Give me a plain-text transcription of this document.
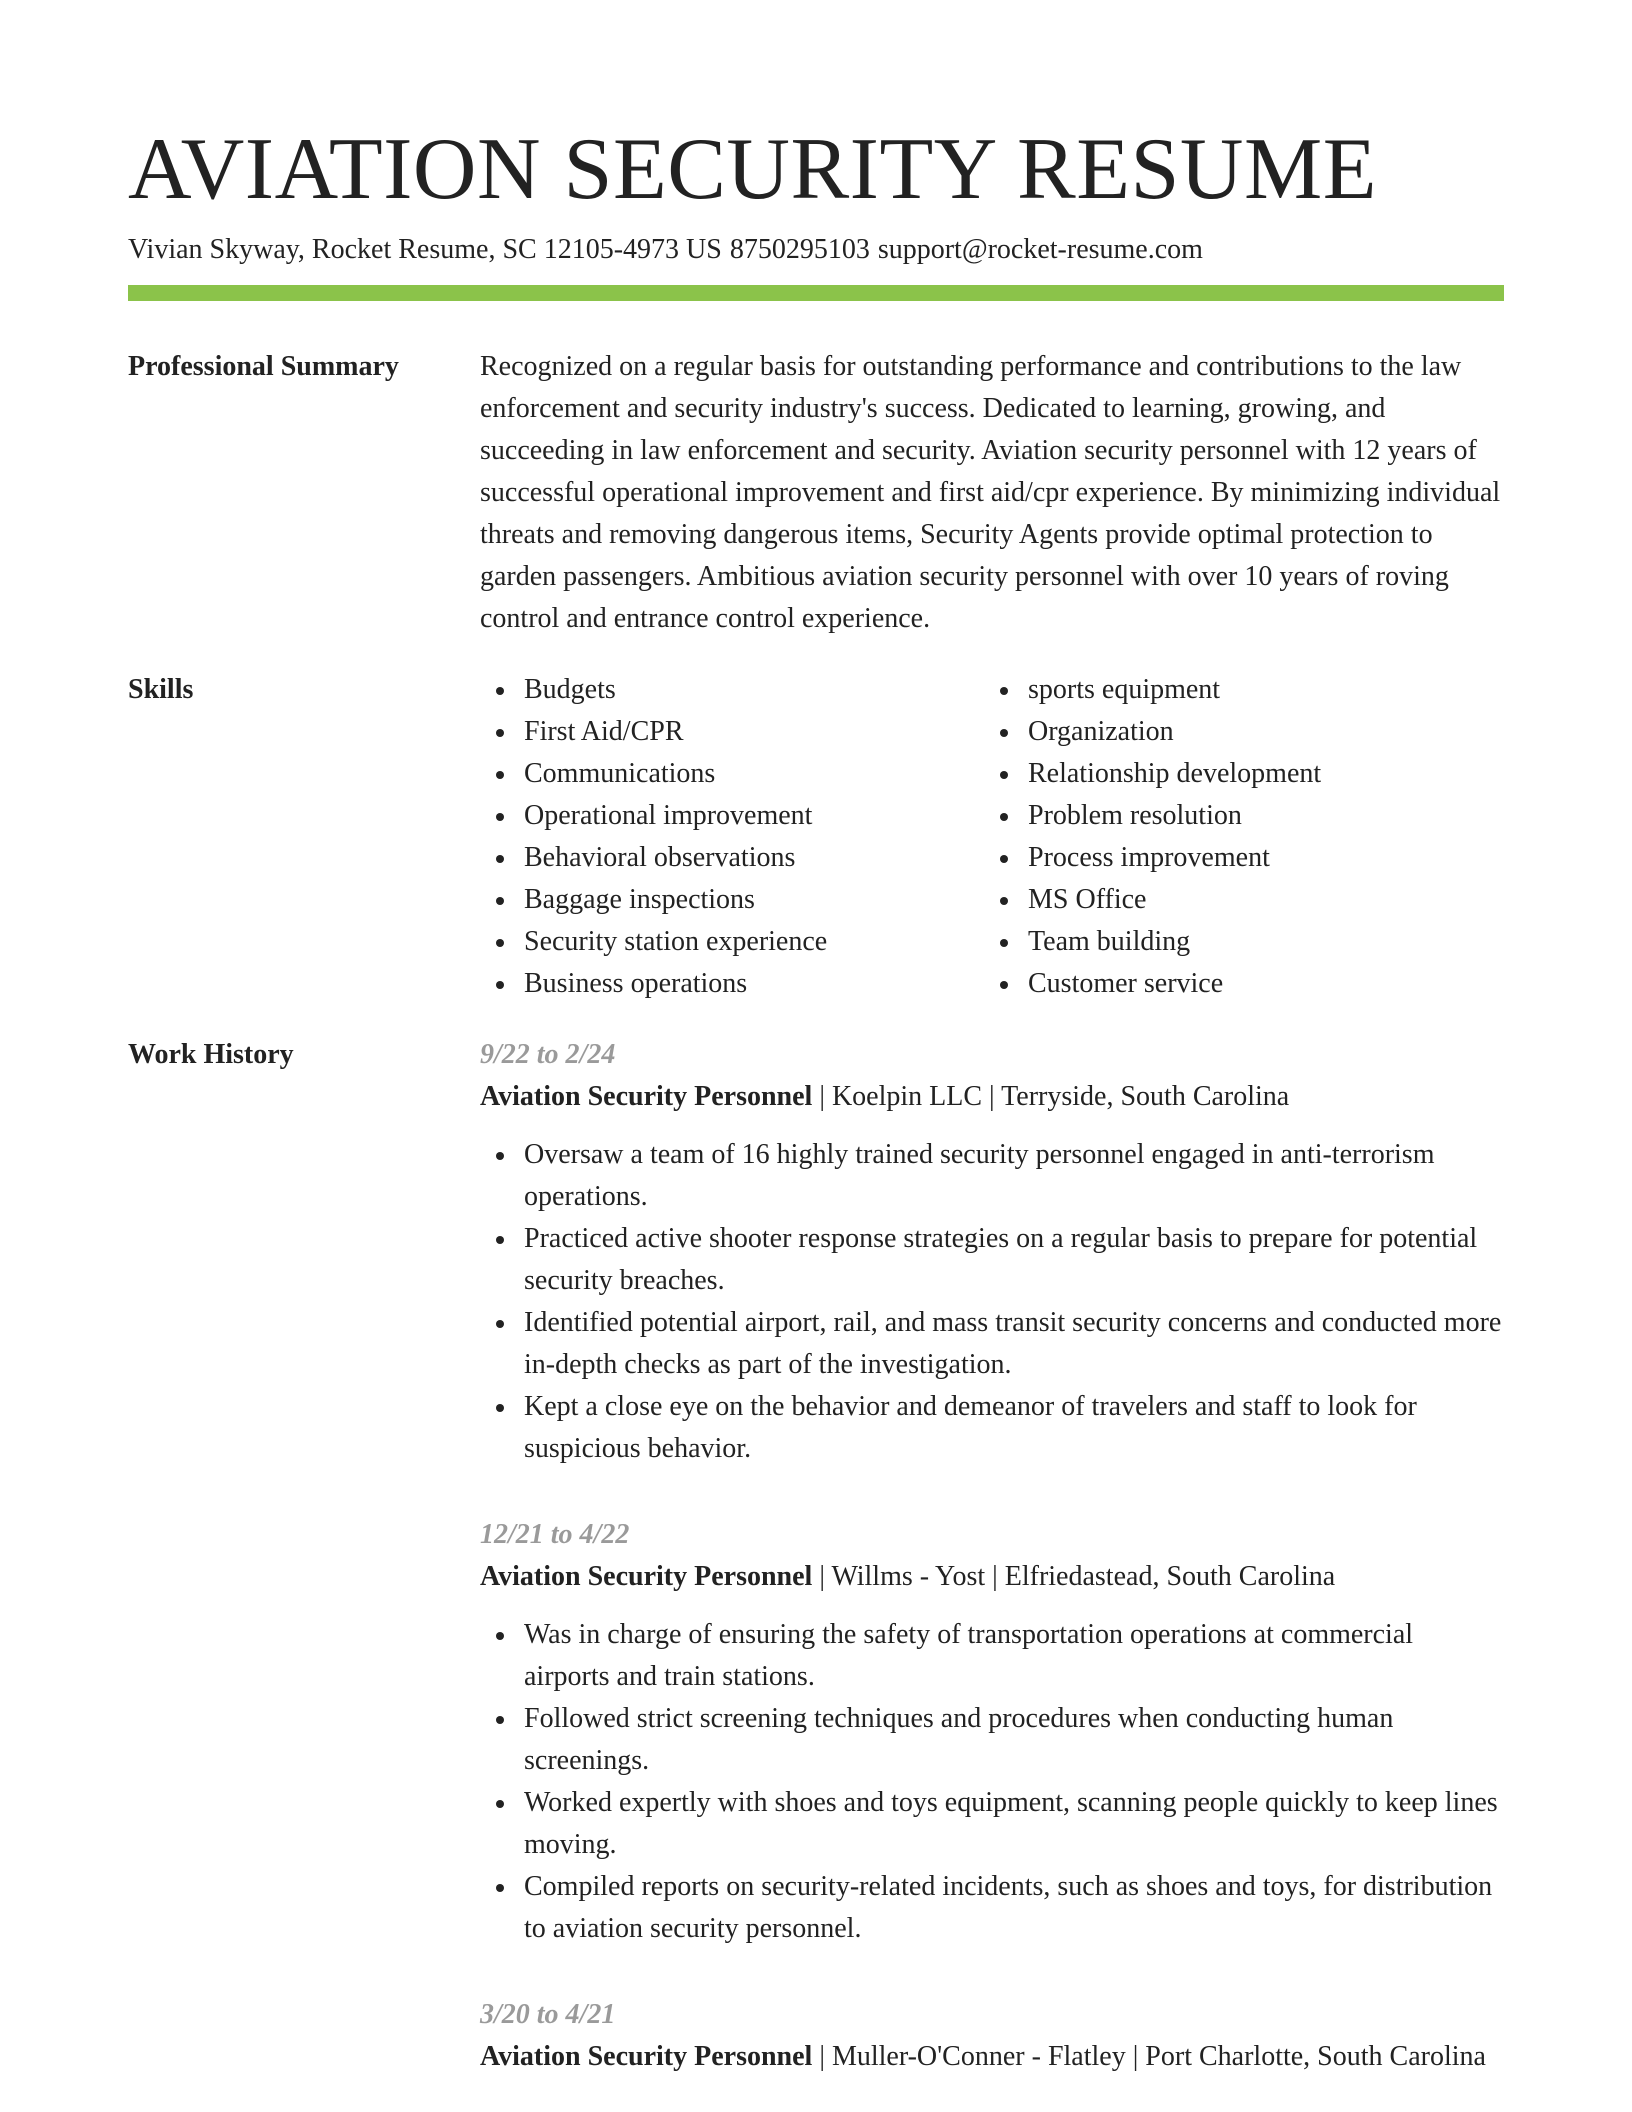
AVIATION SECURITY RESUME
Vivian Skyway, Rocket Resume, SC 12105-4973 US 8750295103 support@rocket-resume.com
Professional Summary	Recognized on a regular basis for outstanding performance and contributions to the law enforcement and security industry's success. Dedicated to learning, growing, and succeeding in law enforcement and security. Aviation security personnel with 12 years of successful operational improvement and first aid/cpr experience. By minimizing individual threats and removing dangerous items, Security Agents provide optimal protection to garden passengers. Ambitious aviation security personnel with over 10 years of roving control and entrance control experience.

Skills	Budgets
First Aid/CPR
Communications
Operational improvement
Behavioral observations
Baggage inspections
Security station experience
Business operations
sports equipment
Organization
Relationship development
Problem resolution
Process improvement
MS Office
Team building
Customer service
Work History	9/22 to 2/24
Aviation Security Personnel | Koelpin LLC | Terryside, South Carolina
Oversaw a team of 16 highly trained security personnel engaged in anti-terrorism operations.
Practiced active shooter response strategies on a regular basis to prepare for potential security breaches.
Identified potential airport, rail, and mass transit security concerns and conducted more in-depth checks as part of the investigation.
Kept a close eye on the behavior and demeanor of travelers and staff to look for suspicious behavior.
12/21 to 4/22
Aviation Security Personnel | Willms - Yost | Elfriedastead, South Carolina
Was in charge of ensuring the safety of transportation operations at commercial airports and train stations.
Followed strict screening techniques and procedures when conducting human screenings.
Worked expertly with shoes and toys equipment, scanning people quickly to keep lines moving.
Compiled reports on security-related incidents, such as shoes and toys, for distribution to aviation security personnel.
3/20 to 4/21
Aviation Security Personnel | Muller-O'Conner - Flatley | Port Charlotte, South Carolina
